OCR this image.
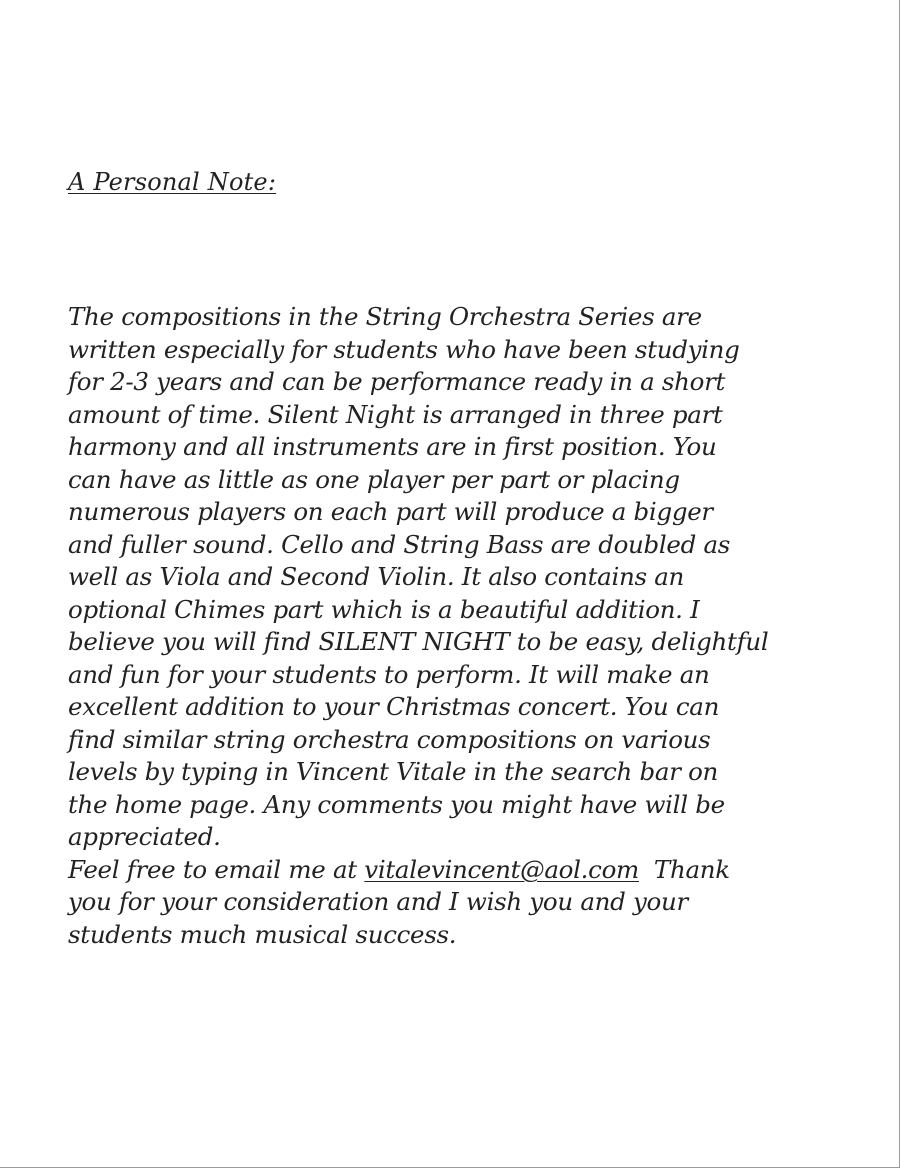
A Personal Note:
The compositions in the String Orchestra Series are
written especially for students who have been studying
for 2-3 years and can be performance ready in a short
amount of time. Silent Night is arranged in three part
harmony and all instruments are in first position. You
can have as little as one player per part or placing
numerous players on each part will produce a bigger
and fuller sound. Cello and String Bass are doubled as
well as Viola and Second Violin. It also contains an
optional Chimes part which is a beautiful addition. I
believe you will find SILENT NIGHT to be easy, delightful
and fun for your students to perform. It will make an
excellent addition to your Christmas concert. You can
find similar string orchestra compositions on various
levels by typing in Vincent Vitale in the search bar on
the home page. Any comments you might have will be
appreciated.
Feel free to email me at vitalevincent@aol.com  Thank
you for your consideration and I wish you and your
students much musical success.
